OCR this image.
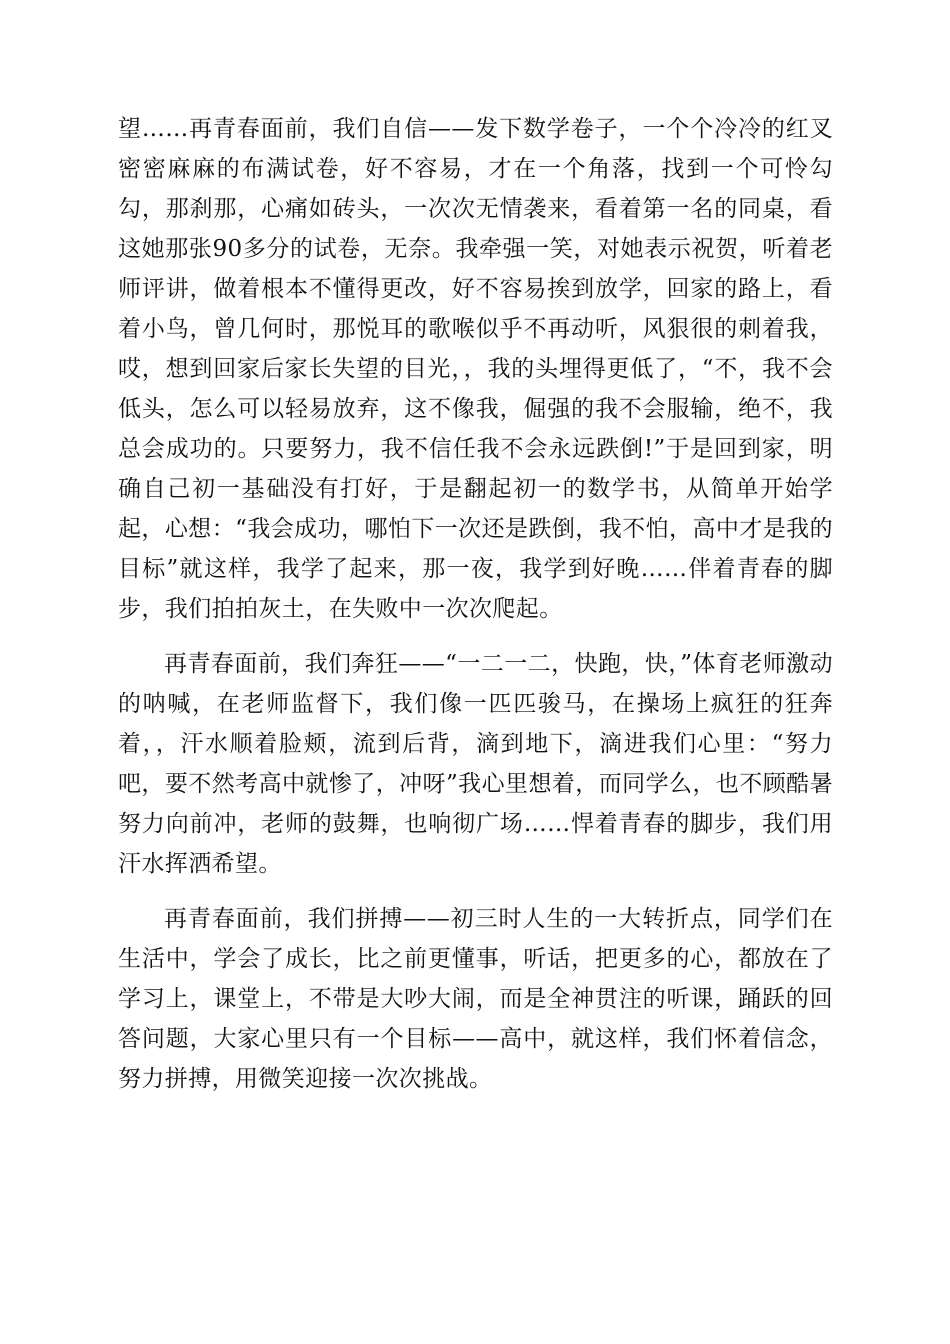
望……再青春面前，我们自信——发下数学卷子，一个个冷冷的红叉密密麻麻的布满试卷，好不容易，才在一个角落，找到一个可怜勾勾，那刹那，心痛如砖头，一次次无情袭来，看着第一名的同桌，看这她那张90多分的试卷，无奈。我牵强一笑，对她表示祝贺，听着老师评讲，做着根本不懂得更改，好不容易挨到放学，回家的路上，看着小鸟，曾几何时，那悦耳的歌喉似乎不再动听，风狠很的刺着我，哎，想到回家后家长失望的目光，，我的头埋得更低了，“不，我不会低头，怎么可以轻易放弃，这不像我，倔强的我不会服输，绝不，我总会成功的。只要努力，我不信任我不会永远跌倒!”于是回到家，明确自己初一基础没有打好，于是翻起初一的数学书，从简单开始学起，心想：“我会成功，哪怕下一次还是跌倒，我不怕，高中才是我的目标”就这样，我学了起来，那一夜，我学到好晚……伴着青春的脚步，我们拍拍灰土，在失败中一次次爬起。

再青春面前，我们奔狂——“一二一二，快跑，快，”体育老师激动的呐喊，在老师监督下，我们像一匹匹骏马，在操场上疯狂的狂奔着，，汗水顺着脸颊，流到后背，滴到地下，滴进我们心里：“努力吧，要不然考高中就惨了，冲呀”我心里想着，而同学么，也不顾酷暑努力向前冲，老师的鼓舞，也响彻广场……悍着青春的脚步，我们用汗水挥洒希望。

再青春面前，我们拼搏——初三时人生的一大转折点，同学们在生活中，学会了成长，比之前更懂事，听话，把更多的心，都放在了学习上，课堂上，不带是大吵大闹，而是全神贯注的听课，踊跃的回答问题，大家心里只有一个目标——高中，就这样，我们怀着信念，努力拼搏，用微笑迎接一次次挑战。
